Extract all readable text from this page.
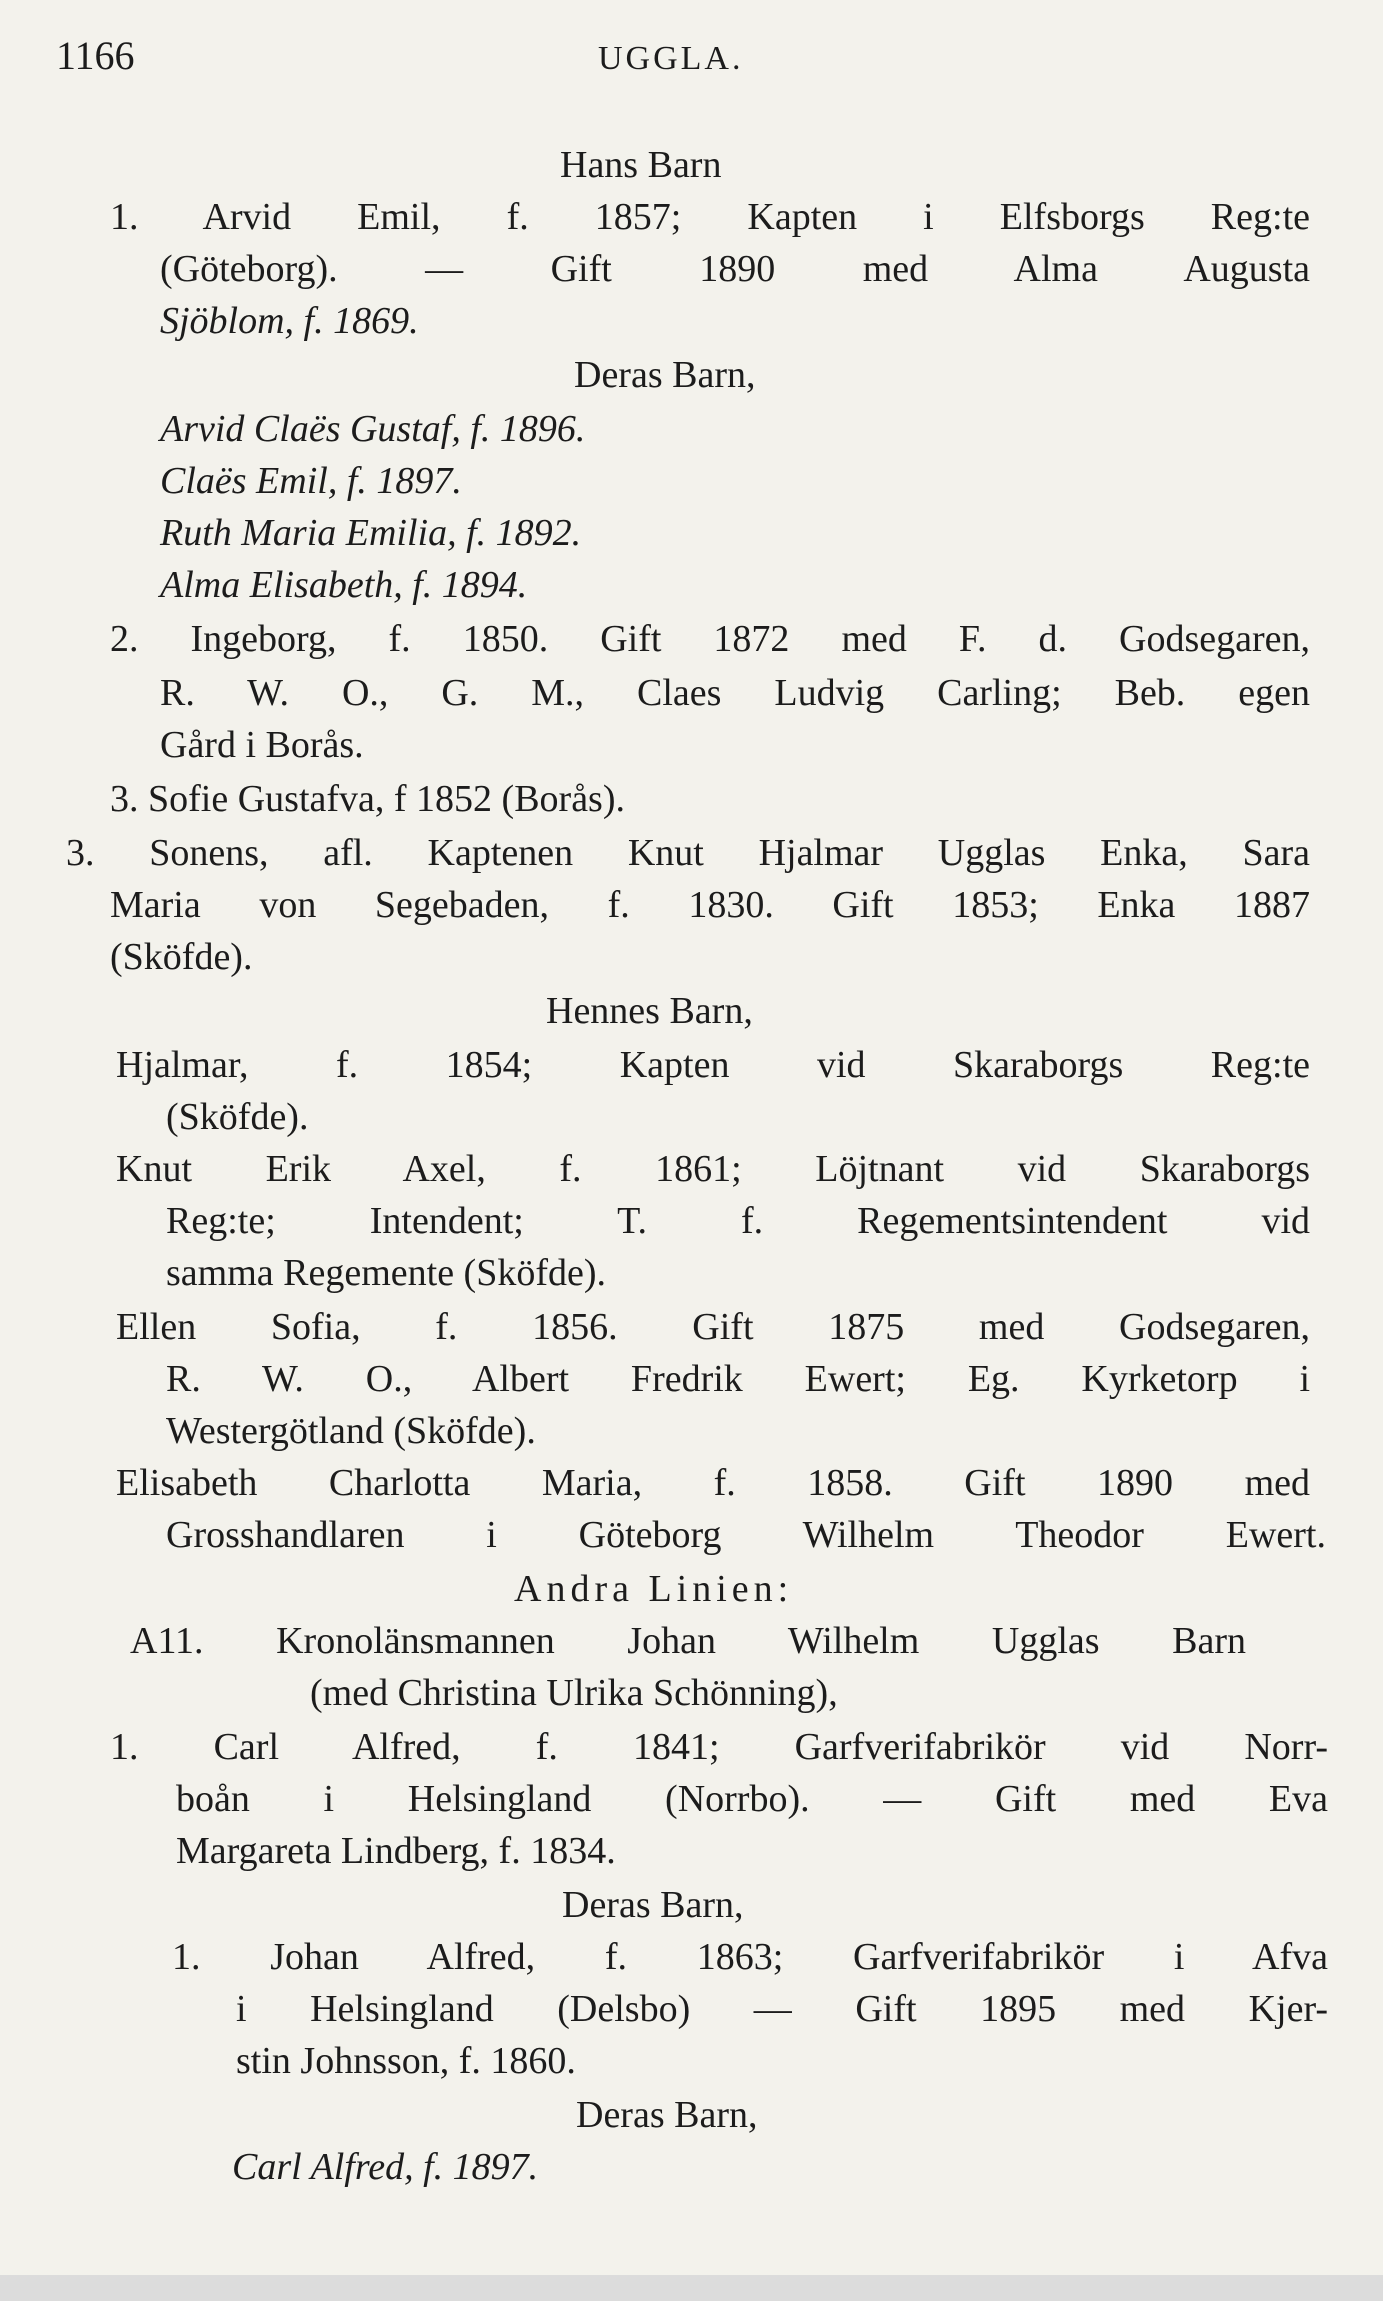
1166	UGGLA.
Hans Barn
1. Arvid Emil, f. 1857; Kapten i Elfsborgs Reg:te
(Göteborg). — Gift 1890 med Alma Augusta
Sjöblom, f. 1869.
Deras Barn,
Arvid Claës Gustaf, f. 1896.
Claës Emil, f. 1897.
Ruth Maria Emilia, f. 1892.
Alma Elisabeth, f. 1894.
2. Ingeborg, f. 1850. Gift 1872 med F. d. Godsegaren,
R. W. O., G. M., Claes Ludvig Carling; Beb. egen
Gård i Borås.
3. Sofie Gustafva, f 1852 (Borås).
3. Sonens, afl. Kaptenen Knut Hjalmar Ugglas Enka, Sara
Maria von Segebaden, f. 1830. Gift 1853; Enka 1887
(Sköfde).
Hennes Barn,
Hjalmar, f. 1854; Kapten vid Skaraborgs Reg:te
(Sköfde).
Knut Erik Axel, f. 1861; Löjtnant vid Skaraborgs
Reg:te; Intendent; T. f. Regementsintendent vid
samma Regemente (Sköfde).
Ellen Sofia, f. 1856. Gift 1875 med Godsegaren,
R. W. O., Albert Fredrik Ewert; Eg. Kyrketorp i
Westergötland (Sköfde).
Elisabeth Charlotta Maria, f. 1858. Gift 1890 med
Grosshandlaren i Göteborg Wilhelm Theodor Ewert.
Andra Linien:
A11. Kronolänsmannen Johan Wilhelm Ugglas Barn
(med Christina Ulrika Schönning),
1. Carl Alfred, f. 1841; Garfverifabrikör vid Norr-
boån i Helsingland (Norrbo). — Gift med Eva
Margareta Lindberg, f. 1834.
Deras Barn,
1. Johan Alfred, f. 1863; Garfverifabrikör i Afva
i Helsingland (Delsbo) — Gift 1895 med Kjer-
stin Johnsson, f. 1860.
Deras Barn,
Carl Alfred, f. 1897.
